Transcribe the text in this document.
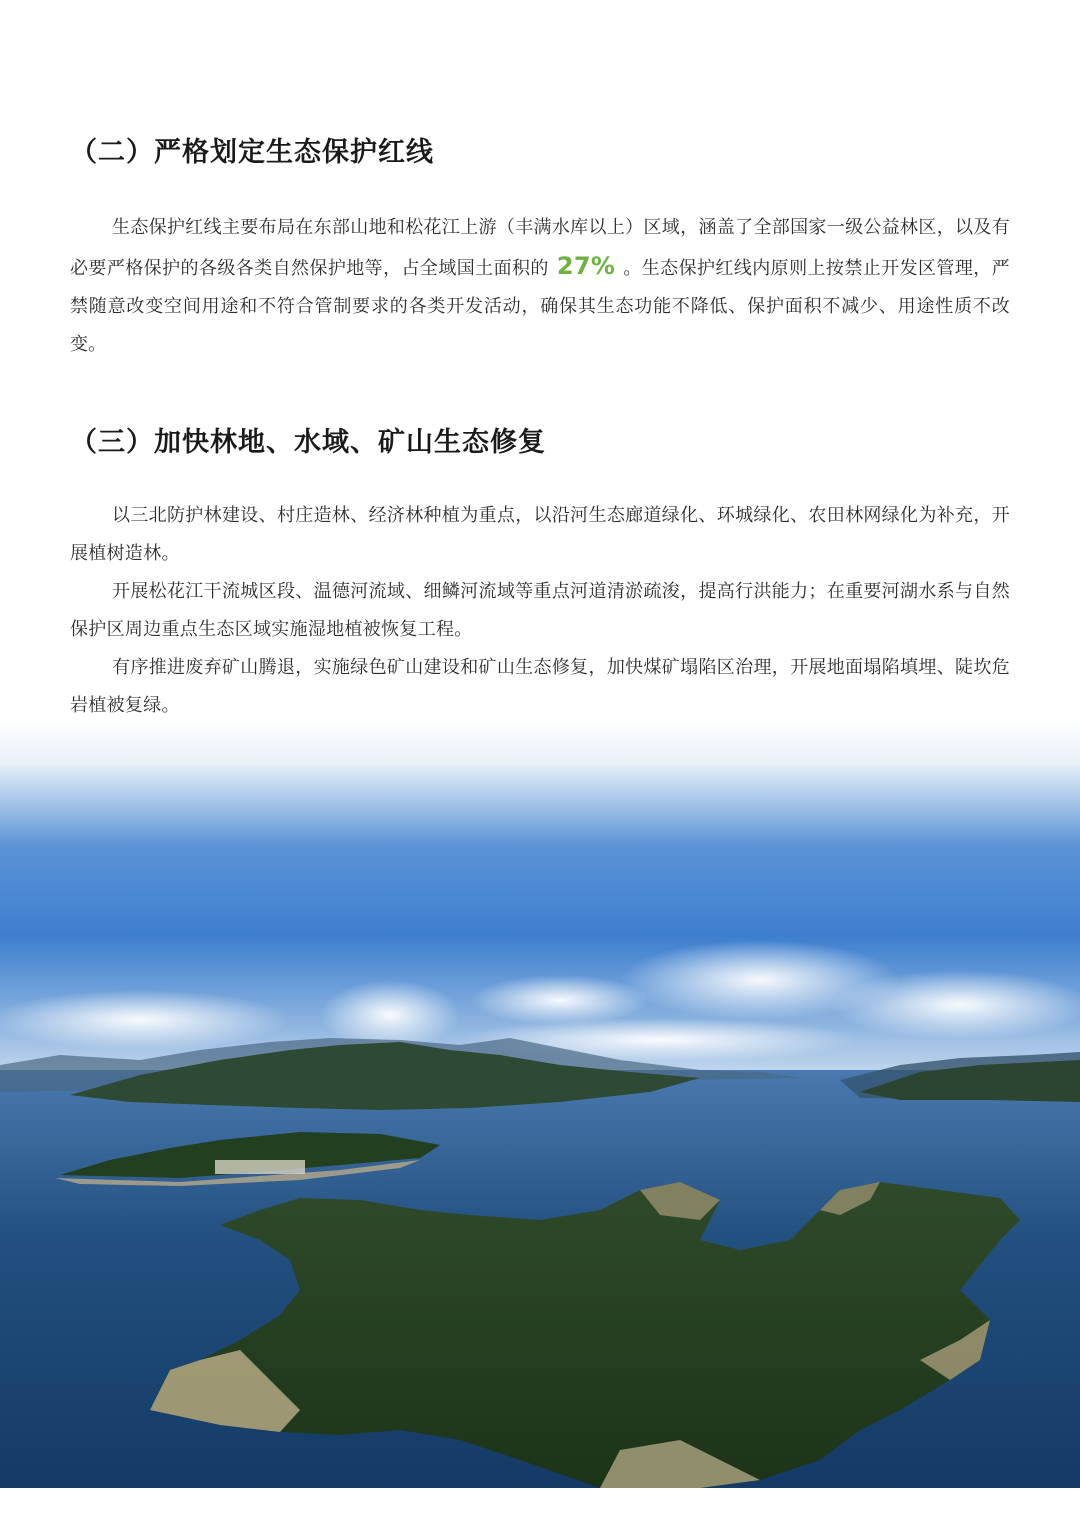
（二）严格划定生态保护红线

生态保护红线主要布局在东部山地和松花江上游（丰满水库以上）区域，涵盖了全部国家一级公益林区，以及有必要严格保护的各级各类自然保护地等，占全域国土面积的 27% 。生态保护红线内原则上按禁止开发区管理，严禁随意改变空间用途和不符合管制要求的各类开发活动，确保其生态功能不降低、保护面积不减少、用途性质不改变。

（三）加快林地、水域、矿山生态修复

以三北防护林建设、村庄造林、经济林种植为重点，以沿河生态廊道绿化、环城绿化、农田林网绿化为补充，开展植树造林。

开展松花江干流城区段、温德河流域、细鳞河流域等重点河道清淤疏浚，提高行洪能力；在重要河湖水系与自然保护区周边重点生态区域实施湿地植被恢复工程。

有序推进废弃矿山腾退，实施绿色矿山建设和矿山生态修复，加快煤矿塌陷区治理，开展地面塌陷填埋、陡坎危岩植被复绿。
